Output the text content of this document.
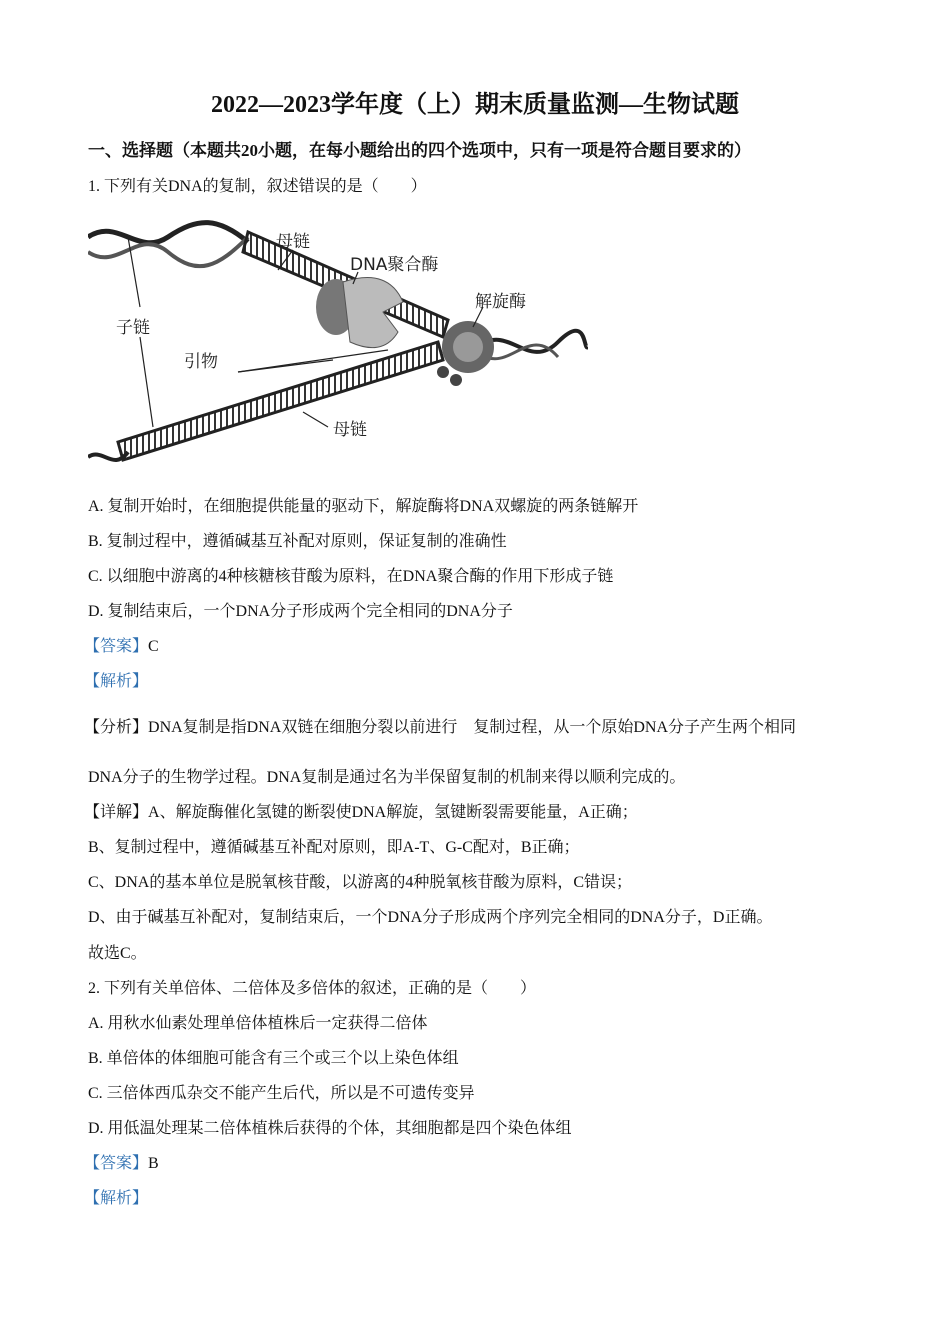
2022—2023学年度（上）期末质量监测—生物试题
一、选择题（本题共20小题，在每小题给出的四个选项中，只有一项是符合题目要求的）
1. 下列有关DNA的复制，叙述错误的是（　　）
母链
DNA聚合酶
解旋酶
子链
引物
母链
A. 复制开始时，在细胞提供能量的驱动下，解旋酶将DNA双螺旋的两条链解开
B. 复制过程中，遵循碱基互补配对原则，保证复制的准确性
C. 以细胞中游离的4种核糖核苷酸为原料，在DNA聚合酶的作用下形成子链
D. 复制结束后，一个DNA分子形成两个完全相同的DNA分子
【答案】C
【解析】
【分析】DNA复制是指DNA双链在细胞分裂以前进行　复制过程，从一个原始DNA分子产生两个相同
DNA分子的生物学过程。DNA复制是通过名为半保留复制的机制来得以顺利完成的。
【详解】A、解旋酶催化氢键的断裂使DNA解旋，氢键断裂需要能量，A正确；
B、复制过程中，遵循碱基互补配对原则，即A-T、G-C配对，B正确；
C、DNA的基本单位是脱氧核苷酸，以游离的4种脱氧核苷酸为原料，C错误；
D、由于碱基互补配对，复制结束后，一个DNA分子形成两个序列完全相同的DNA分子，D正确。
故选C。
2. 下列有关单倍体、二倍体及多倍体的叙述，正确的是（　　）
A. 用秋水仙素处理单倍体植株后一定获得二倍体
B. 单倍体的体细胞可能含有三个或三个以上染色体组
C. 三倍体西瓜杂交不能产生后代，所以是不可遗传变异
D. 用低温处理某二倍体植株后获得的个体，其细胞都是四个染色体组
【答案】B
【解析】
